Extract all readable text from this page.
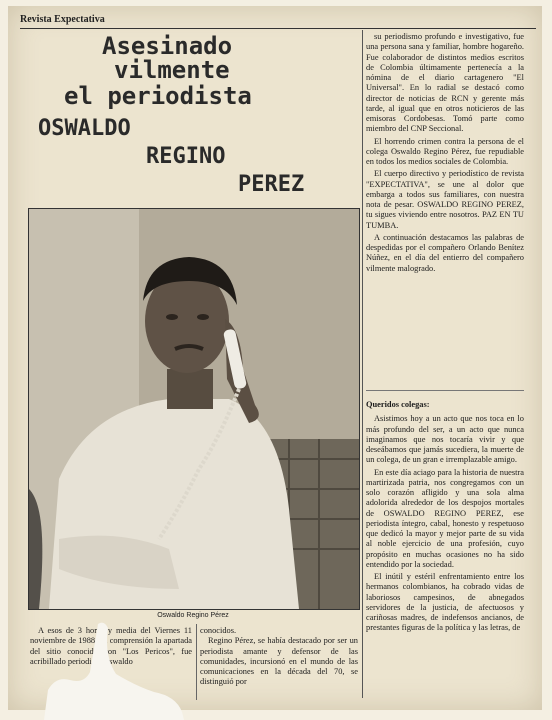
Revista Expectativa

Asesinado
vilmente
el periodista
OSWALDO
REGINO
PEREZ

Oswaldo Regino Pérez

su periodismo profundo e investigativo, fue una persona sana y familiar, hombre hogareño. Fue colaborador de distintos medios escritos de Colombia últimamente pertenecía a la nómina de el diario cartagenero "El Universal". En lo radial se destacó como director de noticias de RCN y gerente más tarde, al igual que en otros noticieros de las emisoras Cordobesas. Tomó parte como miembro del CNP Seccional.

El horrendo crimen contra la persona de el colega Oswaldo Regino Pérez, fue repudiable en todos los medios sociales de Colombia.

El cuerpo directivo y periodístico de revista "EXPECTATIVA", se une al dolor que embarga a todos sus familiares, con nuestra nota de pesar. OSWALDO REGINO PEREZ, tu sigues viviendo entre nosotros. PAZ EN TU TUMBA.

A continuación destacamos las palabras de despedidas por el compañero Orlando Benítez Núñez, en el día del entierro del compañero vilmente malogrado.

Queridos colegas:

Asistimos hoy a un acto que nos toca en lo más profundo del ser, a un acto que nunca imaginamos que nos tocaría vivir y que deseábamos que jamás sucediera, la muerte de un colega, de un gran e irremplazable amigo.

En este día aciago para la historia de nuestra martirizada patria, nos congregamos con un solo corazón afligido y una sola alma adolorida alrededor de los despojos mortales de OSWALDO REGINO PEREZ, ese periodista íntegro, cabal, honesto y respetuoso que dedicó la mayor y mejor parte de su vida al noble ejercicio de una profesión, cuyo propósito en muchas ocasiones no ha sido entendido por la sociedad.

El inútil y estéril enfrentamiento entre los hermanos colombianos, ha cobrado vidas de laboriosos campesinos, de abnegados servidores de la justicia, de afectuosos y cariñosas madres, de indefensos ancianos, de prestantes figuras de la política y las letras, de

A esos de 3 horas y media del Viernes 11 noviembre de 1988, en comprensión la apartada del sitio conocido con "Los Pericos", fue acribillado periodista Oswaldo

conocidos.

Regino Pérez, se había destacado por ser un periodista amante y defensor de las comunidades, incursionó en el mundo de las comunicaciones en la década del 70, se distinguió por
